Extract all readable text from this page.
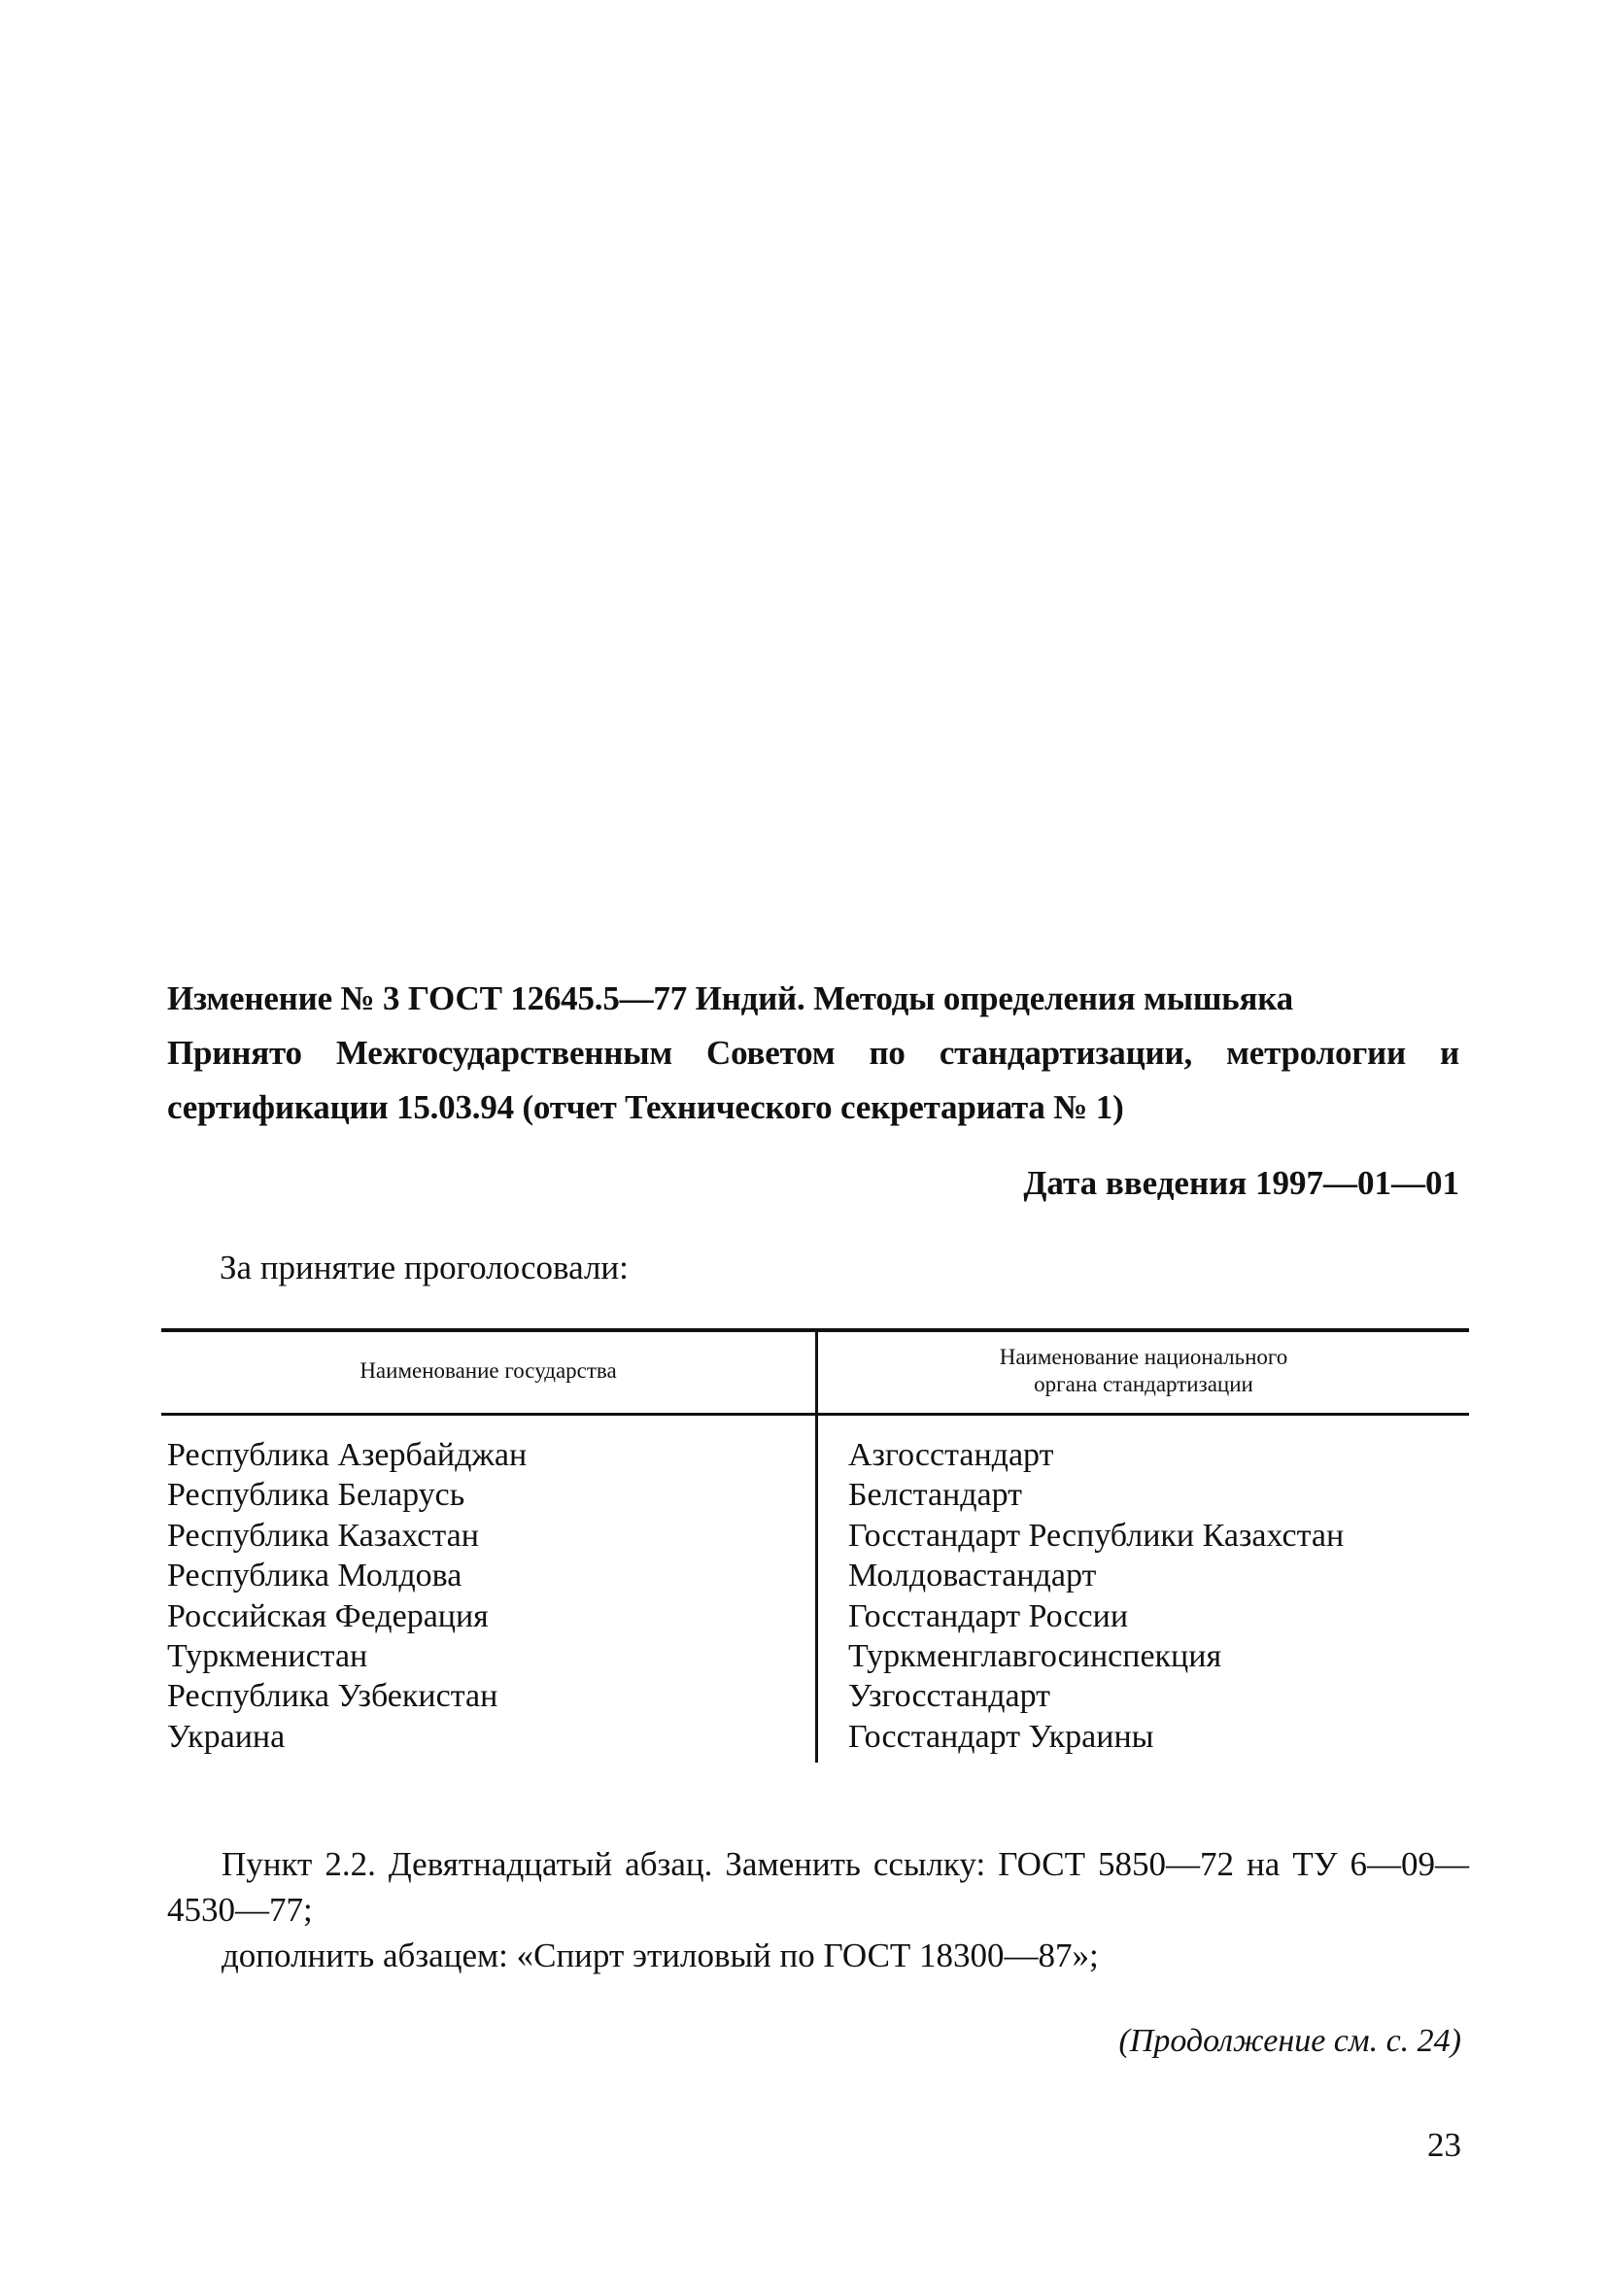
Изменение № 3 ГОСТ 12645.5—77 Индий. Методы определения мышьяка
Принято Межгосударственным Советом по стандартизации, метрологии и сертификации 15.03.94 (отчет Технического секретариата № 1)
Дата введения 1997—01—01
За принятие проголосовали:
Наименование государства
Наименование национального
органа стандартизации
Республика Азербайджан
Республика Беларусь
Республика Казахстан
Республика Молдова
Российская Федерация
Туркменистан
Республика Узбекистан
Украина
Азгосстандарт
Белстандарт
Госстандарт Республики Казахстан
Молдовастандарт
Госстандарт России
Туркменглавгосинспекция
Узгосстандарт
Госстандарт Украины

Пункт 2.2. Девятнадцатый абзац. Заменить ссылку: ГОСТ 5850—72 на ТУ 6—09—4530—77;

дополнить абзацем: «Спирт этиловый по ГОСТ 18300—87»;

(Продолжение см. с. 24)
23
